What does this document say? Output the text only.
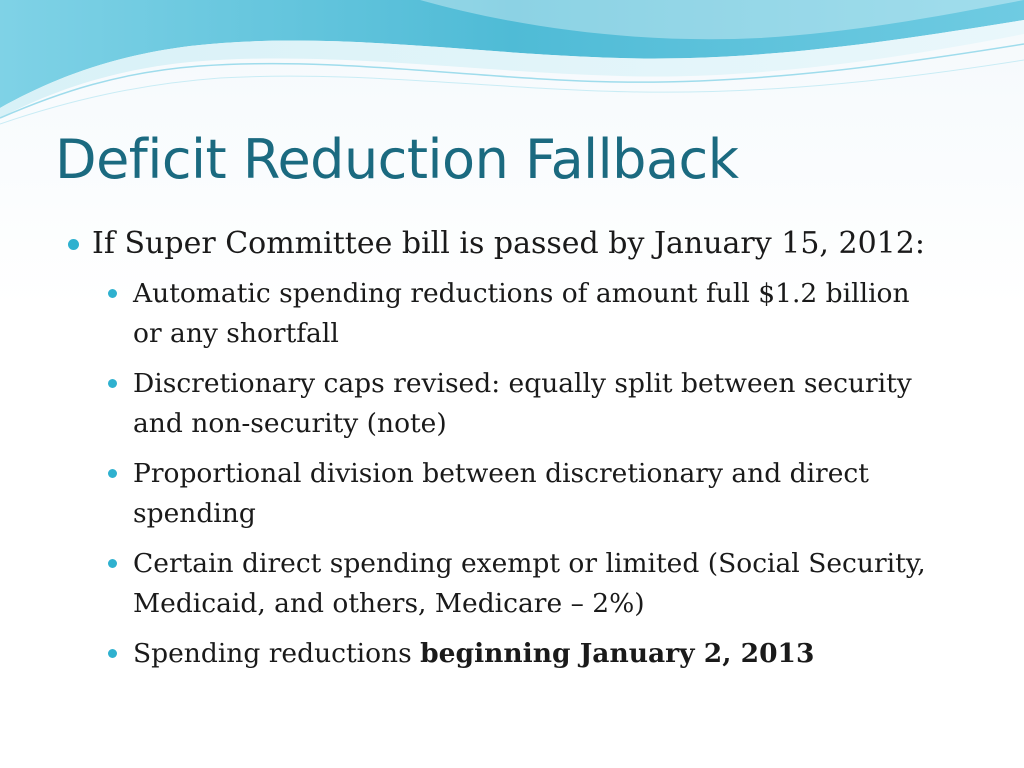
Deficit Reduction Fallback

If Super Committee bill is passed by January 15, 2012:

Automatic spending reductions of amount full $1.2 billion or any shortfall
Discretionary caps revised: equally split between security and non-security (note)
Proportional division between discretionary and direct spending
Certain direct spending exempt or limited (Social Security, Medicaid, and others, Medicare – 2%)
Spending reductions beginning January 2, 2013
